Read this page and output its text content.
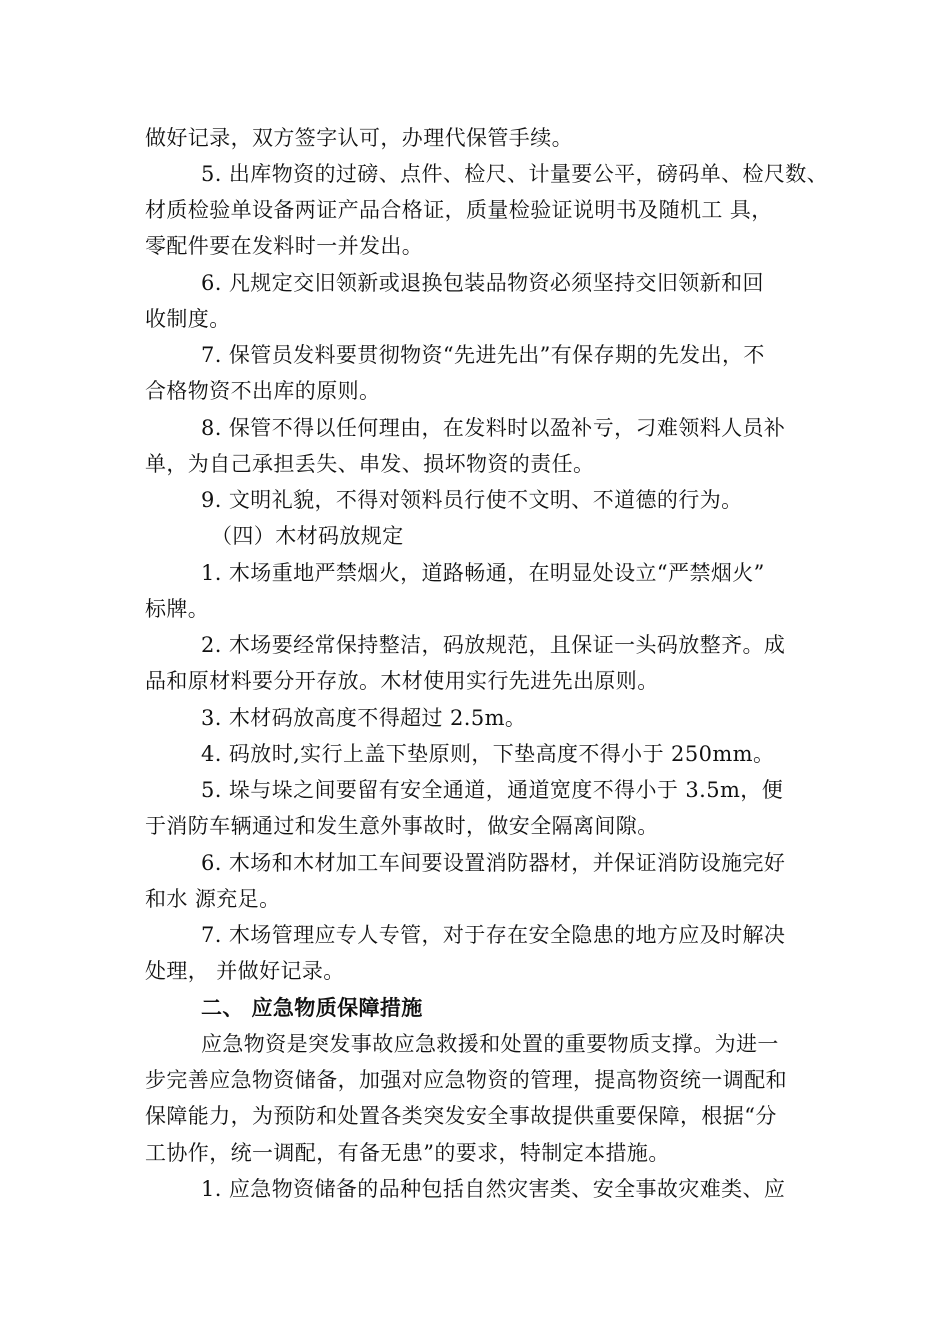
做好记录，双方签字认可，办理代保管手续。
5. 出库物资的过磅、点件、检尺、计量要公平，磅码单、检尺数、
材质检验单设备两证产品合格证，质量检验证说明书及随机工 具，
零配件要在发料时一并发出。
6. 凡规定交旧领新或退换包装品物资必须坚持交旧领新和回
收制度。
7. 保管员发料要贯彻物资“先进先出”有保存期的先发出，不
合格物资不出库的原则。
8. 保管不得以任何理由，在发料时以盈补亏，刁难领料人员补
单，为自己承担丢失、串发、损坏物资的责任。
9. 文明礼貌，不得对领料员行使不文明、不道德的行为。
（四）木材码放规定
1. 木场重地严禁烟火，道路畅通，在明显处设立“严禁烟火”
标牌。
2. 木场要经常保持整洁，码放规范，且保证一头码放整齐。成
品和原材料要分开存放。木材使用实行先进先出原则。
3. 木材码放高度不得超过 2.5m。
4. 码放时,实行上盖下垫原则，下垫高度不得小于 250mm。
5. 垛与垛之间要留有安全通道，通道宽度不得小于 3.5m，便
于消防车辆通过和发生意外事故时，做安全隔离间隙。
6. 木场和木材加工车间要设置消防器材，并保证消防设施完好
和水 源充足。
7. 木场管理应专人专管，对于存在安全隐患的地方应及时解决
处理， 并做好记录。
二、 应急物质保障措施
应急物资是突发事故应急救援和处置的重要物质支撑。为进一
步完善应急物资储备，加强对应急物资的管理，提高物资统一调配和
保障能力，为预防和处置各类突发安全事故提供重要保障，根据“分
工协作，统一调配，有备无患”的要求，特制定本措施。
1. 应急物资储备的品种包括自然灾害类、安全事故灾难类、应
